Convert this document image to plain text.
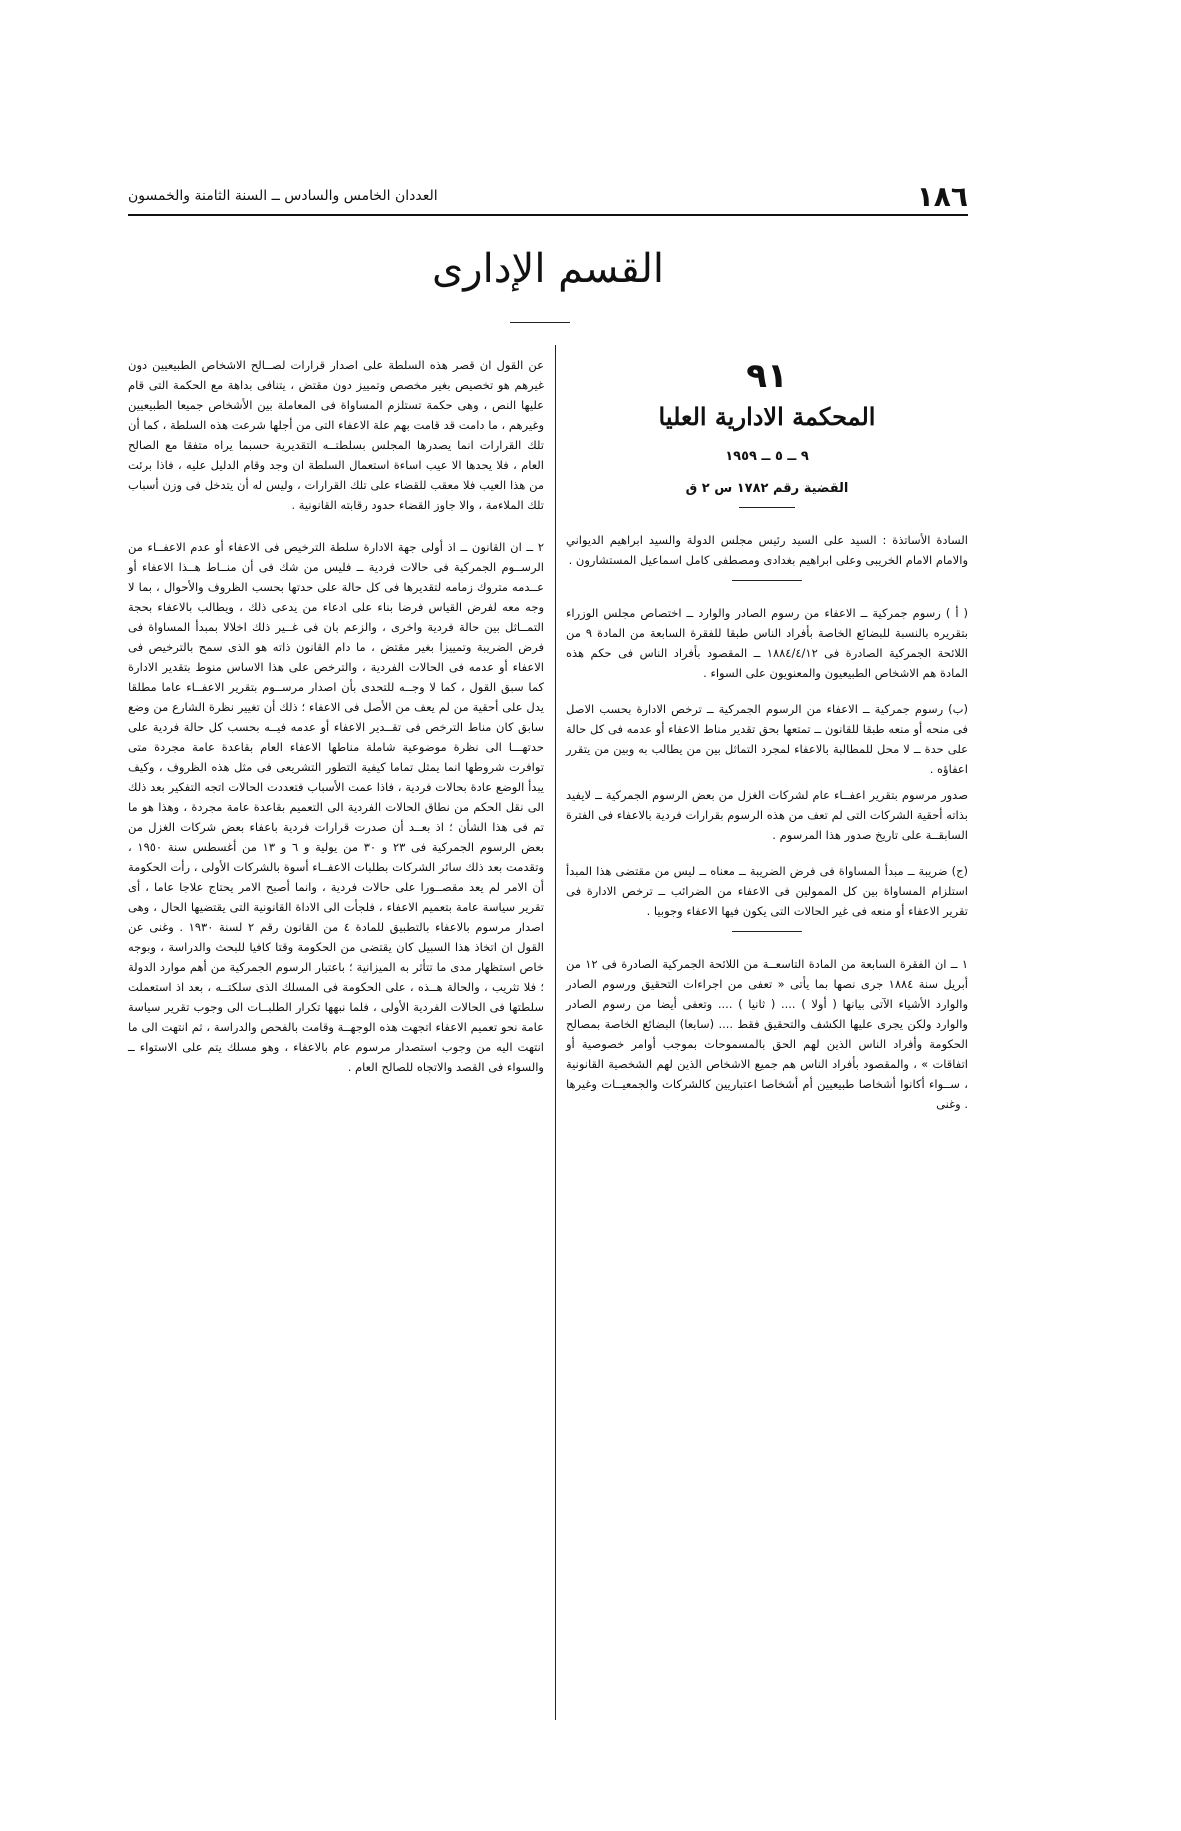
١٨٦
العددان الخامس والسادس ــ السنة الثامنة والخمسون
القسم الإدارى
٩١
المحكمة الادارية العليا
٩ ــ ٥ ــ ١٩٥٩
القضية رقم ١٧٨٢ س ٢ ق

السادة الأساتذة : السيد على السيد رئيس مجلس الدولة والسيد ابراهيم الديواني والامام الامام الخريبى وعلى ابراهيم بغدادى ومصطفى كامل اسماعيل المستشارون .

( أ ) رسوم جمركية ــ الاعفاء من رسوم الصادر والوارد ــ اختصاص مجلس الوزراء بتقريره بالنسبة للبضائع الخاصة بأفراد الناس طبقا للفقرة السابعة من المادة ٩ من اللائحة الجمركية الصادرة فى ١٨٨٤/٤/١٢ ــ المقصود بأفراد الناس فى حكم هذه المادة هم الاشخاص الطبيعيون والمعنويون على السواء .

(ب) رسوم جمركية ــ الاعفاء من الرسوم الجمركية ــ ترخص الادارة بحسب الاصل فى منحه أو منعه طبقا للقانون ــ تمتعها بحق تقدير مناط الاعفاء أو عدمه فى كل حالة على حدة ــ لا محل للمطالبة بالاعفاء لمجرد التماثل بين من يطالب به وبين من يتقرر اعفاؤه .

صدور مرسوم بتقرير اعفــاء عام لشركات الغزل من بعض الرسوم الجمركية ــ لايفيد بذاته أحقية الشركات التى لم تعف من هذه الرسوم بقرارات فردية بالاعفاء فى الفترة السابقــة على تاريخ صدور هذا المرسوم .

(ج) ضريبة ــ مبدأ المساواة فى فرض الضريبة ــ معناه ــ ليس من مقتضى هذا المبدأ استلزام المساواة بين كل الممولين فى الاعفاء من الضرائب ــ ترخص الادارة فى تقرير الاعفاء أو منعه فى غير الحالات التى يكون فيها الاعفاء وجوبيا .

١ ــ ان الفقرة السابعة من المادة التاسعــة من اللائحة الجمركية الصادرة فى ١٢ من أبريل سنة ١٨٨٤ جرى نصها بما يأتى « تعفى من اجراءات التحقيق ورسوم الصادر والوارد الأشياء الآتى بيانها ( أولا ) .... ( ثانيا ) .... وتعفى أيضا من رسوم الصادر والوارد ولكن يجرى عليها الكشف والتحقيق فقط .... (سابعا) البضائع الخاصة بمصالح الحكومة وأفراد الناس الذين لهم الحق بالمسموحات بموجب أوامر خصوصية أو اتفاقات » ، والمقصود بأفراد الناس هم جميع الاشخاص الذين لهم الشخصية القانونية ، ســواء أكانوا أشخاصا طبيعيين أم أشخاصا اعتباريين كالشركات والجمعيــات وغيرها . وغنى

عن القول ان قصر هذه السلطة على اصدار قرارات لصــالح الاشخاص الطبيعيين دون غيرهم هو تخصيص بغير مخصص وتمييز دون مقتض ، يتنافى بداهة مع الحكمة التى قام عليها النص ، وهى حكمة تستلزم المساواة فى المعاملة بين الأشخاص جميعا الطبيعيين وغيرهم ، ما دامت قد قامت بهم علة الاعفاء التى من أجلها شرعت هذه السلطة ، كما أن تلك القرارات انما يصدرها المجلس بسلطتــه التقديرية حسبما يراه متفقا مع الصالح العام ، فلا يحدها الا عيب اساءة استعمال السلطة ان وجد وقام الدليل عليه ، فاذا برئت من هذا العيب فلا معقب للقضاء على تلك القرارات ، وليس له أن يتدخل فى وزن أسباب تلك الملاءمة ، والا جاوز القضاء حدود رقابته القانونية .

٢ ــ ان القانون ــ اذ أولى جهة الادارة سلطة الترخيص فى الاعفاء أو عدم الاعفــاء من الرســوم الجمركية فى حالات فردية ــ فليس من شك فى أن منــاط هــذا الاعفاء أو عــدمه متروك زمامه لتقديرها فى كل حالة على حدتها بحسب الظروف والأحوال ، بما لا وجه معه لفرض القياس فرضا بناء على ادعاء من يدعى ذلك ، ويطالب بالاعفاء بحجة التمــاثل بين حالة فردية واخرى ، والزعم بان فى غــير ذلك اخلالا بمبدأ المساواة فى فرض الضريبة وتمييزا بغير مقتض ، ما دام القانون ذاته هو الذى سمح بالترخيص فى الاعفاء أو عدمه فى الحالات الفردية ، والترخص على هذا الاساس منوط بتقدير الادارة كما سبق القول ، كما لا وجــه للتحدى بأن اصدار مرســوم بتقرير الاعفــاء عاما مطلقا يدل على أحقية من لم يعف من الأصل فى الاعفاء ؛ ذلك أن تغيير نظرة الشارع من وضع سابق كان مناط الترخص فى تقــدير الاعفاء أو عدمه فيــه بحسب كل حالة فردية على حدتهـــا الى نظرة موضوعية شاملة مناطها الاعفاء العام بقاعدة عامة مجردة متى توافرت شروطها انما يمثل تماما كيفية التطور التشريعى فى مثل هذه الظروف ، وكيف يبدأ الوضع عادة بحالات فردية ، فاذا عمت الأسباب فتعددت الحالات اتجه التفكير بعد ذلك الى نقل الحكم من نطاق الحالات الفردية الى التعميم بقاعدة عامة مجردة ، وهذا هو ما تم فى هذا الشأن ؛ اذ بعــد أن صدرت قرارات فردية باعفاء بعض شركات الغزل من بعض الرسوم الجمركية فى ٢٣ و ٣٠ من يولية و ٦ و ١٣ من أغسطس سنة ١٩٥٠ ، وتقدمت بعد ذلك سائر الشركات بطلبات الاعفــاء أسوة بالشركات الأولى ، رأت الحكومة أن الامر لم يعد مقصــورا على حالات فردية ، وانما أصبح الامر يحتاج علاجا عاما ، أى تقرير سياسة عامة بتعميم الاعفاء ، فلجأت الى الاداة القانونية التى يقتضيها الحال ، وهى اصدار مرسوم بالاعفاء بالتطبيق للمادة ٤ من القانون رقم ٢ لسنة ١٩٣٠ . وغنى عن القول ان اتخاذ هذا السبيل كان يقتضى من الحكومة وقتا كافيا للبحث والدراسة ، وبوجه خاص استظهار مدى ما تتأثر به الميزانية ؛ باعتبار الرسوم الجمركية من أهم موارد الدولة ؛ فلا تثريب ، والحالة هــذه ، على الحكومة فى المسلك الذى سلكتــه ، بعد اذ استعملت سلطتها فى الحالات الفردية الأولى ، فلما نبهها تكرار الطلبــات الى وجوب تقرير سياسة عامة نحو تعميم الاعفاء اتجهت هذه الوجهــة وقامت بالفحص والدراسة ، ثم انتهت الى ما انتهت اليه من وجوب استصدار مرسوم عام بالاعفاء ، وهو مسلك يتم على الاستواء ــ والسواء فى القصد والاتجاه للصالح العام .
